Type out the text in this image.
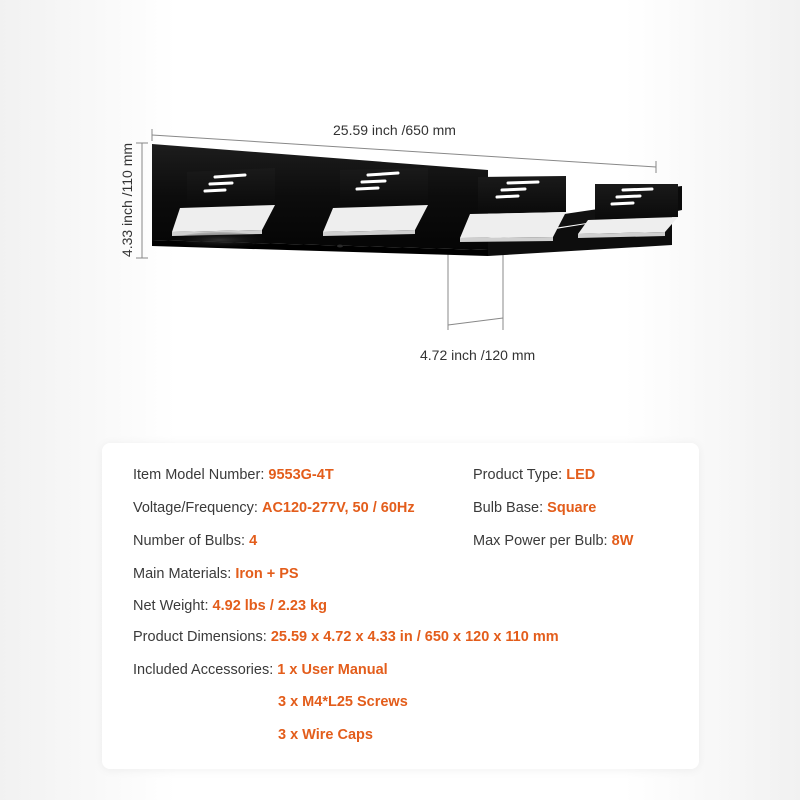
25.59 inch /650 mm
4.33 inch /110 mm
4.72 inch /120 mm
Item Model Number: 9553G-4T
Voltage/Frequency: AC120-277V, 50 / 60Hz
Number of Bulbs: 4
Main Materials: Iron + PS
Net Weight: 4.92 lbs / 2.23 kg
Product Dimensions: 25.59 x 4.72 x 4.33 in / 650 x 120 x 110 mm
Included Accessories: 1 x User Manual
3 x M4*L25 Screws
3 x Wire Caps
Product Type: LED
Bulb Base: Square
Max Power per Bulb: 8W
